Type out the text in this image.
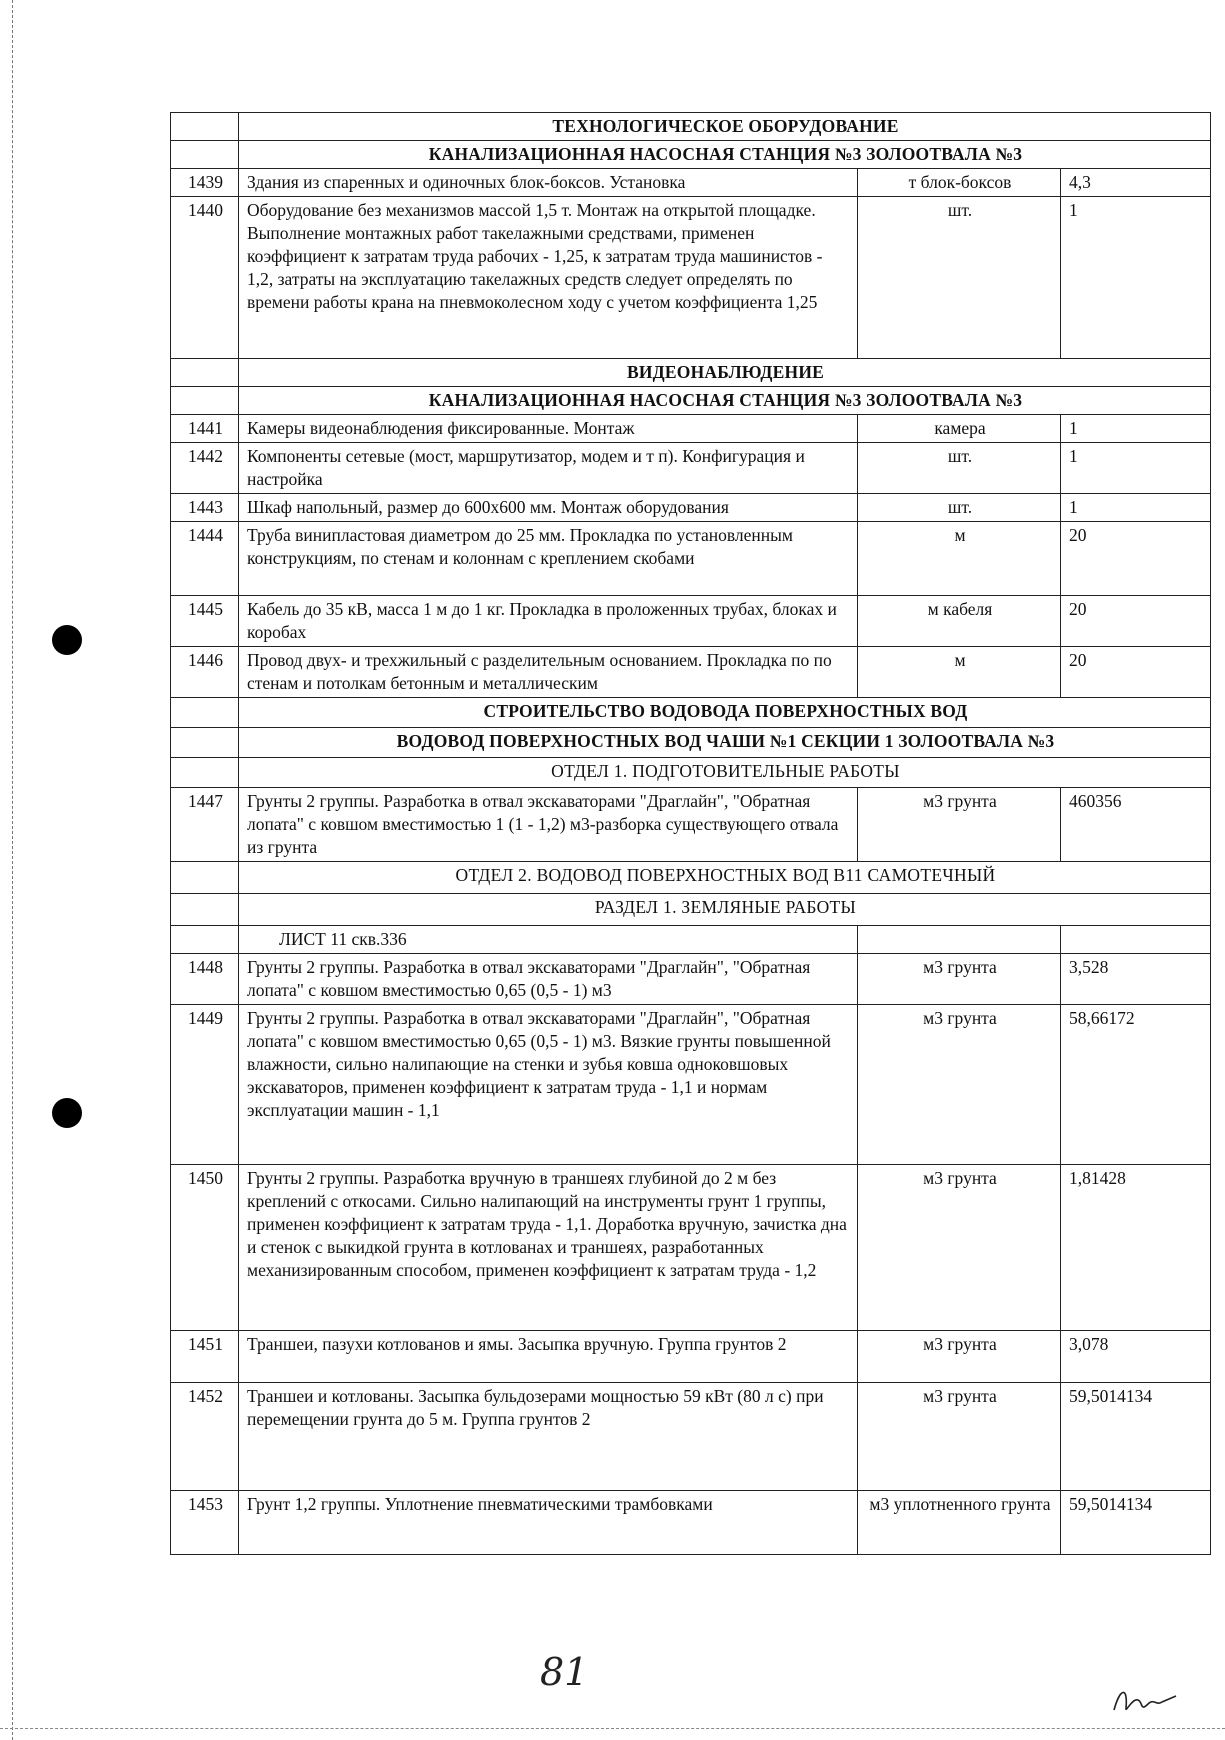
	ТЕХНОЛОГИЧЕСКОЕ ОБОРУДОВАНИЕ		
	КАНАЛИЗАЦИОННАЯ НАСОСНАЯ СТАНЦИЯ №3 ЗОЛООТВАЛА №3		
1439	Здания из спаренных и одиночных блок-боксов. Установка	т блок-боксов	4,3
1440	Оборудование без механизмов массой 1,5 т. Монтаж на открытой площадке. Выполнение монтажных работ такелажными средствами, применен коэффициент к затратам труда рабочих - 1,25, к затратам труда машинистов - 1,2, затраты на эксплуатацию такелажных средств следует определять по времени работы крана на пневмоколесном ходу с учетом коэффициента 1,25	шт.	1
	ВИДЕОНАБЛЮДЕНИЕ		
	КАНАЛИЗАЦИОННАЯ НАСОСНАЯ СТАНЦИЯ №3 ЗОЛООТВАЛА №3		
1441	Камеры видеонаблюдения фиксированные. Монтаж	камера	1
1442	Компоненты сетевые (мост, маршрутизатор, модем и т п). Конфигурация и настройка	шт.	1
1443	Шкаф напольный, размер до 600х600 мм. Монтаж оборудования	шт.	1
1444	Труба винипластовая диаметром до 25 мм. Прокладка по установленным конструкциям, по стенам и колоннам с креплением скобами	м	20
1445	Кабель до 35 кВ, масса 1 м до 1 кг. Прокладка в проложенных трубах, блоках и коробах	м кабеля	20
1446	Провод двух- и трехжильный с разделительным основанием. Прокладка по по стенам и потолкам бетонным и металлическим	м	20
	СТРОИТЕЛЬСТВО ВОДОВОДА ПОВЕРХНОСТНЫХ ВОД		
	ВОДОВОД ПОВЕРХНОСТНЫХ ВОД ЧАШИ №1 СЕКЦИИ 1 ЗОЛООТВАЛА №3		
	ОТДЕЛ 1. ПОДГОТОВИТЕЛЬНЫЕ РАБОТЫ		
1447	Грунты 2 группы. Разработка в отвал экскаваторами "Драглайн", "Обратная лопата" с ковшом вместимостью 1 (1 - 1,2) м3-разборка существующего отвала из грунта	м3 грунта	460356
	ОТДЕЛ 2. ВОДОВОД ПОВЕРХНОСТНЫХ ВОД В11 САМОТЕЧНЫЙ		
	РАЗДЕЛ 1. ЗЕМЛЯНЫЕ РАБОТЫ		
	ЛИСТ 11 скв.336		
1448	Грунты 2 группы. Разработка в отвал экскаваторами "Драглайн", "Обратная лопата" с ковшом вместимостью 0,65 (0,5 - 1) м3	м3 грунта	3,528
1449	Грунты 2 группы. Разработка в отвал экскаваторами "Драглайн", "Обратная лопата" с ковшом вместимостью 0,65 (0,5 - 1) м3. Вязкие грунты повышенной влажности, сильно налипающие на стенки и зубья ковша одноковшовых экскаваторов, применен коэффициент к затратам труда - 1,1 и нормам эксплуатации машин - 1,1	м3 грунта	58,66172
1450	Грунты 2 группы. Разработка вручную в траншеях глубиной до 2 м без креплений с откосами. Сильно налипающий на инструменты грунт 1 группы, применен коэффициент к затратам труда - 1,1. Доработка вручную, зачистка дна и стенок с выкидкой грунта в котлованах и траншеях, разработанных механизированным способом, применен коэффициент к затратам труда - 1,2	м3 грунта	1,81428
1451	Траншеи, пазухи котлованов и ямы. Засыпка вручную. Группа грунтов 2	м3 грунта	3,078
1452	Траншеи и котлованы. Засыпка бульдозерами мощностью 59 кВт (80 л с) при перемещении грунта до 5 м. Группа грунтов 2	м3 грунта	59,5014134
1453	Грунт 1,2 группы. Уплотнение пневматическими трамбовками	м3 уплотненного грунта	59,5014134
81
